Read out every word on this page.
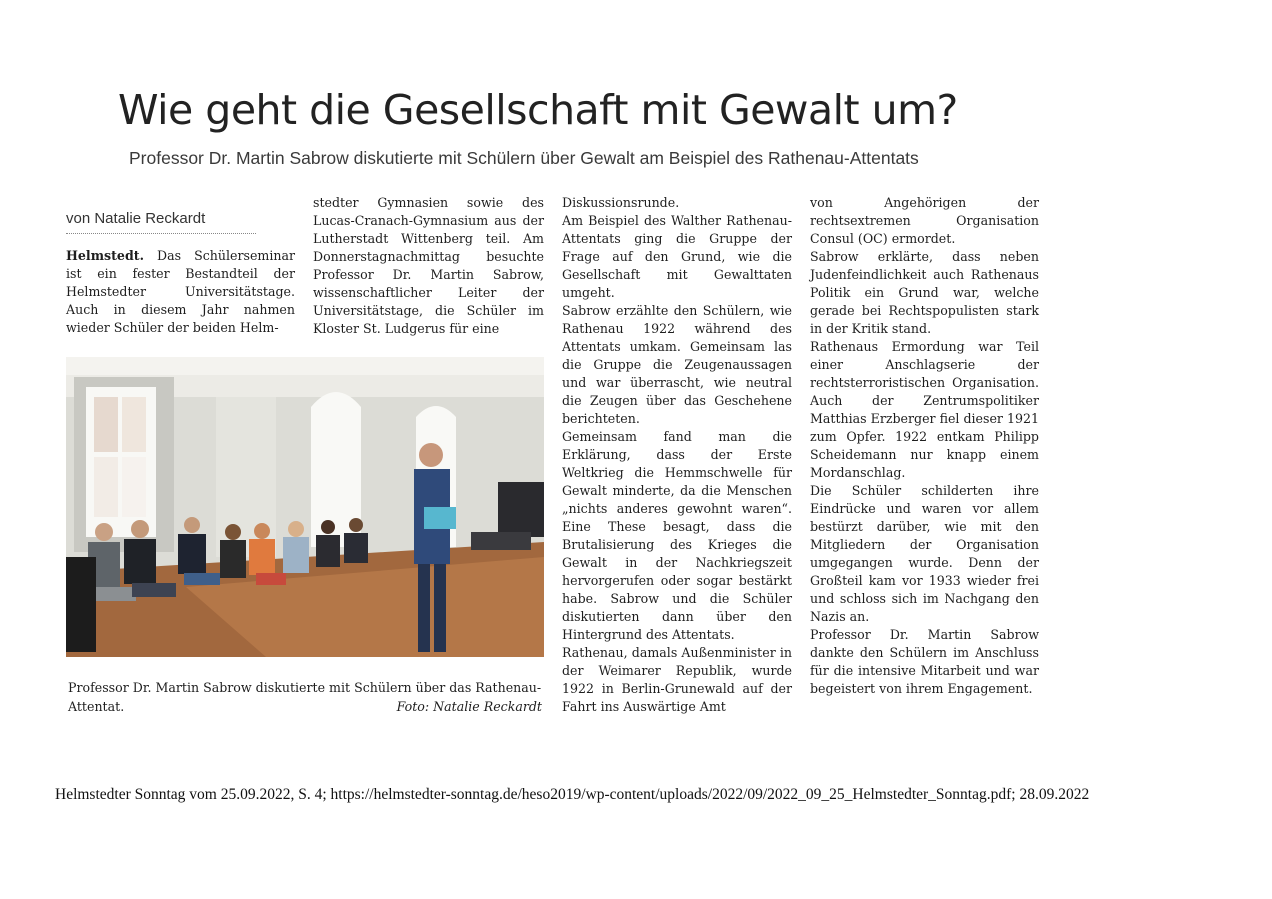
Wie geht die Gesellschaft mit Gewalt um?
Professor Dr. Martin Sabrow diskutierte mit Schülern über Gewalt am Beispiel des Rathenau-Attentats
von Natalie Reckardt

Helmstedt. Das Schülerseminar ist ein fester Bestandteil der Helmstedter Universitätstage. Auch in diesem Jahr nahmen wieder Schüler der beiden Helm-

stedter Gymnasien sowie des Lucas-Cranach-Gymnasium aus der Lutherstadt Wittenberg teil. Am Donnerstagnachmittag besuchte Professor Dr. Martin Sabrow, wissenschaftlicher Leiter der Universitätstage, die Schüler im Kloster St. Ludgerus für eine

Diskussionsrunde.

Am Beispiel des Walther Rathenau-Attentats ging die Gruppe der Frage auf den Grund, wie die Gesellschaft mit Gewalttaten umgeht.

Sabrow erzählte den Schülern, wie Rathenau 1922 während des Attentats umkam. Gemeinsam las die Gruppe die Zeugenaussagen und war überrascht, wie neutral die Zeugen über das Geschehene berichteten.

Gemeinsam fand man die Erklärung, dass der Erste Weltkrieg die Hemmschwelle für Gewalt minderte, da die Menschen „nichts anderes gewohnt waren“. Eine These besagt, dass die Brutalisierung des Krieges die Gewalt in der Nachkriegszeit hervorgerufen oder sogar bestärkt habe. Sabrow und die Schüler diskutierten dann über den Hintergrund des Attentats.

Rathenau, damals Außenminister in der Weimarer Republik, wurde 1922 in Berlin-Grunewald auf der Fahrt ins Auswärtige Amt

von Angehörigen der rechtsextremen Organisation Consul (OC) ermordet.

Sabrow erklärte, dass neben Judenfeindlichkeit auch Rathenaus Politik ein Grund war, welche gerade bei Rechtspopulisten stark in der Kritik stand.

Rathenaus Ermordung war Teil einer Anschlagserie der rechtsterroristischen Organisation. Auch der Zentrumspolitiker Matthias Erzberger fiel dieser 1921 zum Opfer. 1922 entkam Philipp Scheidemann nur knapp einem Mordanschlag.

Die Schüler schilderten ihre Eindrücke und waren vor allem bestürzt darüber, wie mit den Mitgliedern der Organisation umgegangen wurde. Denn der Großteil kam vor 1933 wieder frei und schloss sich im Nachgang den Nazis an.

Professor Dr. Martin Sabrow dankte den Schülern im Anschluss für die intensive Mitarbeit und war begeistert von ihrem Engagement.

Professor Dr. Martin Sabrow diskutierte mit Schülern über das Rathenau-Attentat.	Foto: Natalie Reckardt

Helmstedter Sonntag vom 25.09.2022, S. 4; https://helmstedter-sonntag.de/heso2019/wp-content/uploads/2022/09/2022_09_25_Helmstedter_Sonntag.pdf; 28.09.2022
